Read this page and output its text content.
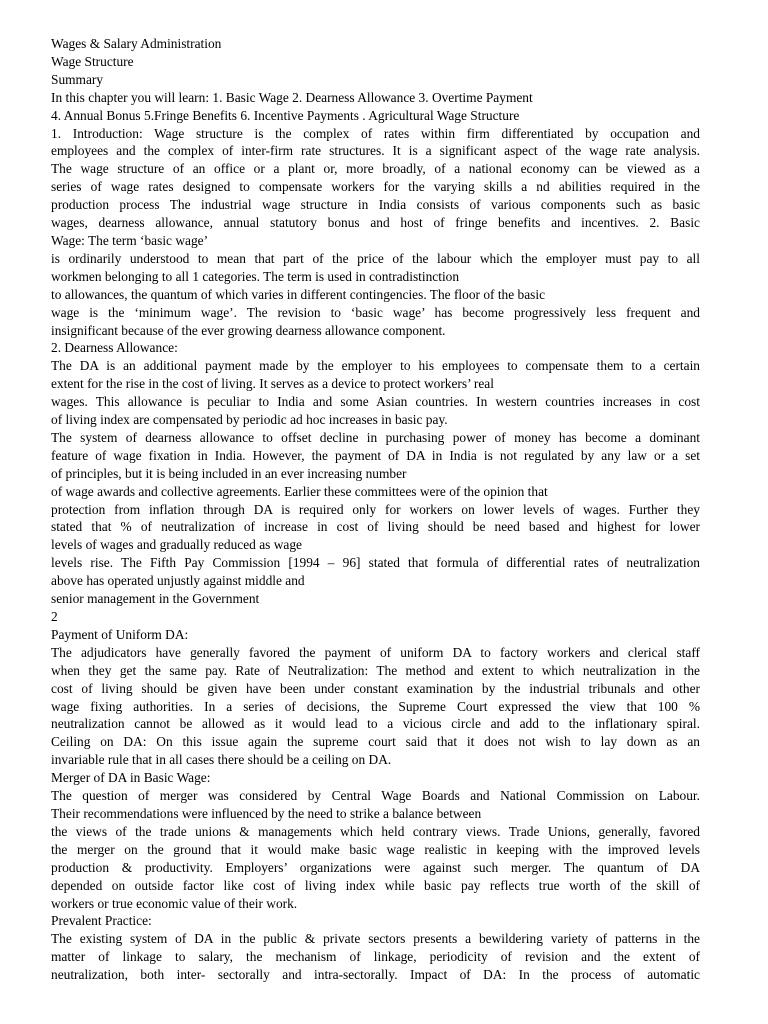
Wages & Salary Administration
Wage Structure
Summary
In this chapter you will learn: 1. Basic Wage 2. Dearness Allowance 3. Overtime Payment
4. Annual Bonus 5.Fringe Benefits 6. Incentive Payments . Agricultural Wage Structure
1. Introduction: Wage structure is the complex of rates within firm differentiated by occupation and
employees and the complex of inter-firm rate structures. It is a significant aspect of the wage rate analysis.
The wage structure of an office or a plant or, more broadly, of a national economy can be viewed as a
series of wage rates designed to compensate workers for the varying skills a nd abilities required in the
production process The industrial wage structure in India consists of various components such as basic
wages, dearness allowance, annual statutory bonus and host of fringe benefits and incentives. 2. Basic
Wage: The term ‘basic wage’
is ordinarily understood to mean that part of the price of the labour which the employer must pay to all
workmen belonging to all 1 categories. The term is used in contradistinction
to allowances, the quantum of which varies in different contingencies. The floor of the basic
wage is the ‘minimum wage’. The revision to ‘basic wage’ has become progressively less frequent and
insignificant because of the ever growing dearness allowance component.
2. Dearness Allowance:
The DA is an additional payment made by the employer to his employees to compensate them to a certain
extent for the rise in the cost of living. It serves as a device to protect workers’ real
wages. This allowance is peculiar to India and some Asian countries. In western countries increases in cost
of living index are compensated by periodic ad hoc increases in basic pay.
The system of dearness allowance to offset decline in purchasing power of money has become a dominant
feature of wage fixation in India. However, the payment of DA in India is not regulated by any law or a set
of principles, but it is being included in an ever increasing number
of wage awards and collective agreements. Earlier these committees were of the opinion that
protection from inflation through DA is required only for workers on lower levels of wages. Further they
stated that % of neutralization of increase in cost of living should be need based and highest for lower
levels of wages and gradually reduced as wage
levels rise. The Fifth Pay Commission [1994 – 96] stated that formula of differential rates of neutralization
above has operated unjustly against middle and
senior management in the Government
2
Payment of Uniform DA:
The adjudicators have generally favored the payment of uniform DA to factory workers and clerical staff
when they get the same pay. Rate of Neutralization: The method and extent to which neutralization in the
cost of living should be given have been under constant examination by the industrial tribunals and other
wage fixing authorities. In a series of decisions, the Supreme Court expressed the view that 100 %
neutralization cannot be allowed as it would lead to a vicious circle and add to the inflationary spiral.
Ceiling on DA: On this issue again the supreme court said that it does not wish to lay down as an
invariable rule that in all cases there should be a ceiling on DA.
Merger of DA in Basic Wage:
The question of merger was considered by Central Wage Boards and National Commission on Labour.
Their recommendations were influenced by the need to strike a balance between
the views of the trade unions & managements which held contrary views. Trade Unions, generally, favored
the merger on the ground that it would make basic wage realistic in keeping with the improved levels
production & productivity. Employers’ organizations were against such merger. The quantum of DA
depended on outside factor like cost of living index while basic pay reflects true worth of the skill of
workers or true economic value of their work.
Prevalent Practice:
The existing system of DA in the public & private sectors presents a bewildering variety of patterns in the
matter of linkage to salary, the mechanism of linkage, periodicity of revision and the extent of
neutralization, both inter- sectorally and intra-sectorally. Impact of DA: In the process of automatic
